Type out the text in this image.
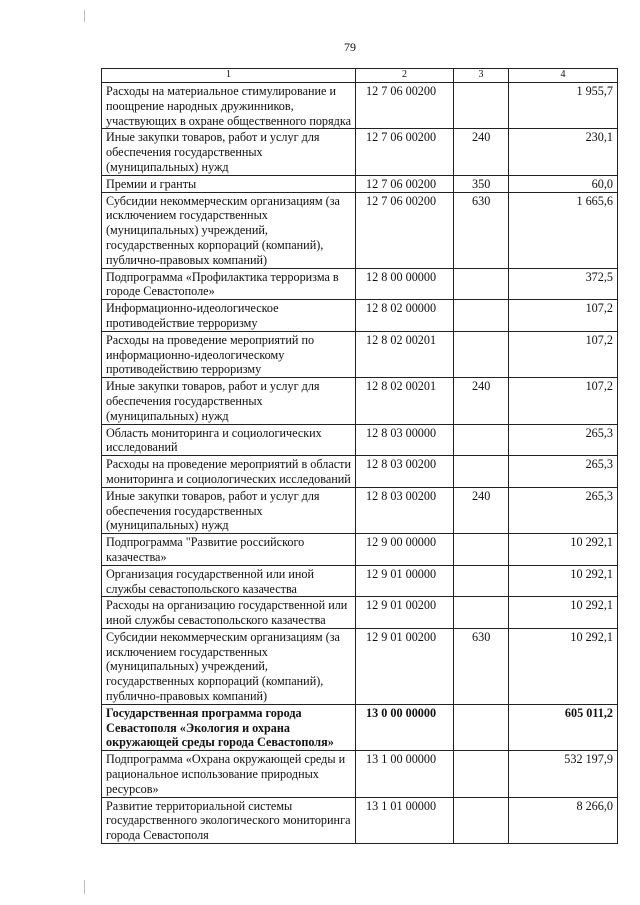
79
1	2	3	4
Расходы на материальное стимулирование и поощрение народных дружинников, участвующих в охране общественного порядка	12 7 06 00200		1 955,7
Иные закупки товаров, работ и услуг для обеспечения государственных (муниципальных) нужд	12 7 06 00200	240	230,1
Премии и гранты	12 7 06 00200	350	60,0
Субсидии некоммерческим организациям (за исключением государственных (муниципальных) учреждений, государственных корпораций (компаний), публично-правовых компаний)	12 7 06 00200	630	1 665,6
Подпрограмма «Профилактика терроризма в городе Севастополе»	12 8 00 00000		372,5
Информационно-идеологическое противодействие терроризму	12 8 02 00000		107,2
Расходы на проведение мероприятий по информационно-идеологическому противодействию терроризму	12 8 02 00201		107,2
Иные закупки товаров, работ и услуг для обеспечения государственных (муниципальных) нужд	12 8 02 00201	240	107,2
Область мониторинга и социологических исследований	12 8 03 00000		265,3
Расходы на проведение мероприятий в области мониторинга и социологических исследований	12 8 03 00200		265,3
Иные закупки товаров, работ и услуг для обеспечения государственных (муниципальных) нужд	12 8 03 00200	240	265,3
Подпрограмма "Развитие российского казачества»	12 9 00 00000		10 292,1
Организация государственной или иной службы севастопольского казачества	12 9 01 00000		10 292,1
Расходы на организацию государственной или иной службы севастопольского казачества	12 9 01 00200		10 292,1
Субсидии некоммерческим организациям (за исключением государственных (муниципальных) учреждений, государственных корпораций (компаний), публично-правовых компаний)	12 9 01 00200	630	10 292,1
Государственная программа города Севастополя «Экология и охрана окружающей среды города Севастополя»	13 0 00 00000		605 011,2
Подпрограмма «Охрана окружающей среды и рациональное использование природных ресурсов»	13 1 00 00000		532 197,9
Развитие территориальной системы государственного экологического мониторинга города Севастополя	13 1 01 00000		8 266,0
